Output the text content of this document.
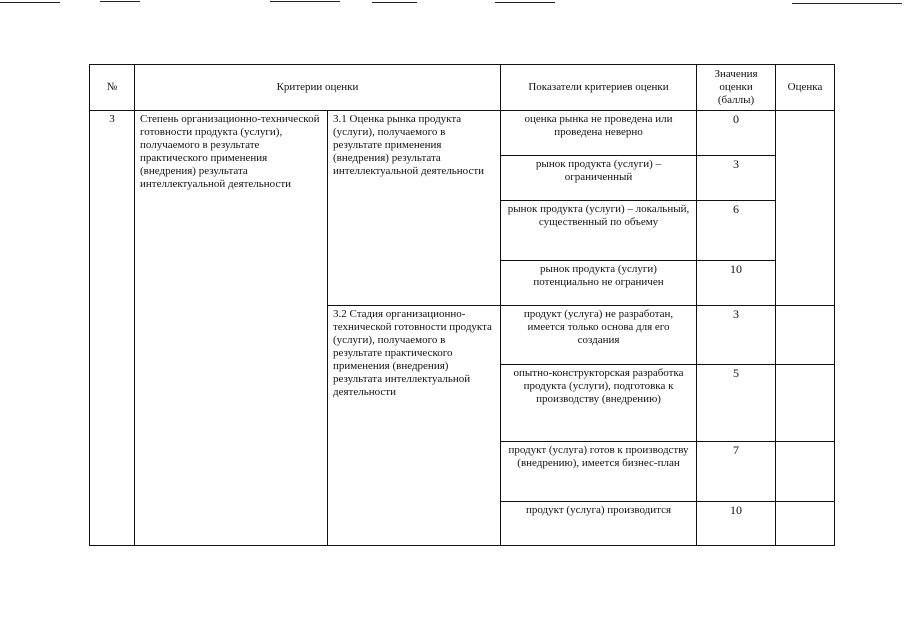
№	Критерии оценки		Показатели критериев оценки	Значения оценки (баллы)	Оценка
3	Степень организационно-технической готовности продукта (услуги), получаемого в результате практического применения (внедрения) результата интеллектуальной деятельности	3.1 Оценка рынка продукта (услуги), получаемого в результате применения (внедрения) результата интеллектуальной деятельности	оценка рынка не проведена или проведена неверно	0	
			рынок продукта (услуги) – ограниченный	3	
			рынок продукта (услуги) – локальный, существенный по объему	6	
			рынок продукта (услуги) потенциально не ограничен	10	
		3.2 Стадия организационно-технической готовности продукта (услуги), получаемого в результате практического применения (внедрения) результата интеллектуальной деятельности	продукт (услуга) не разработан, имеется только основа для его создания	3	
			опытно-конструкторская разработка продукта (услуги), подготовка к производству (внедрению)	5	
			продукт (услуга) готов к производству (внедрению), имеется бизнес-план	7	
			продукт (услуга) производится	10	
